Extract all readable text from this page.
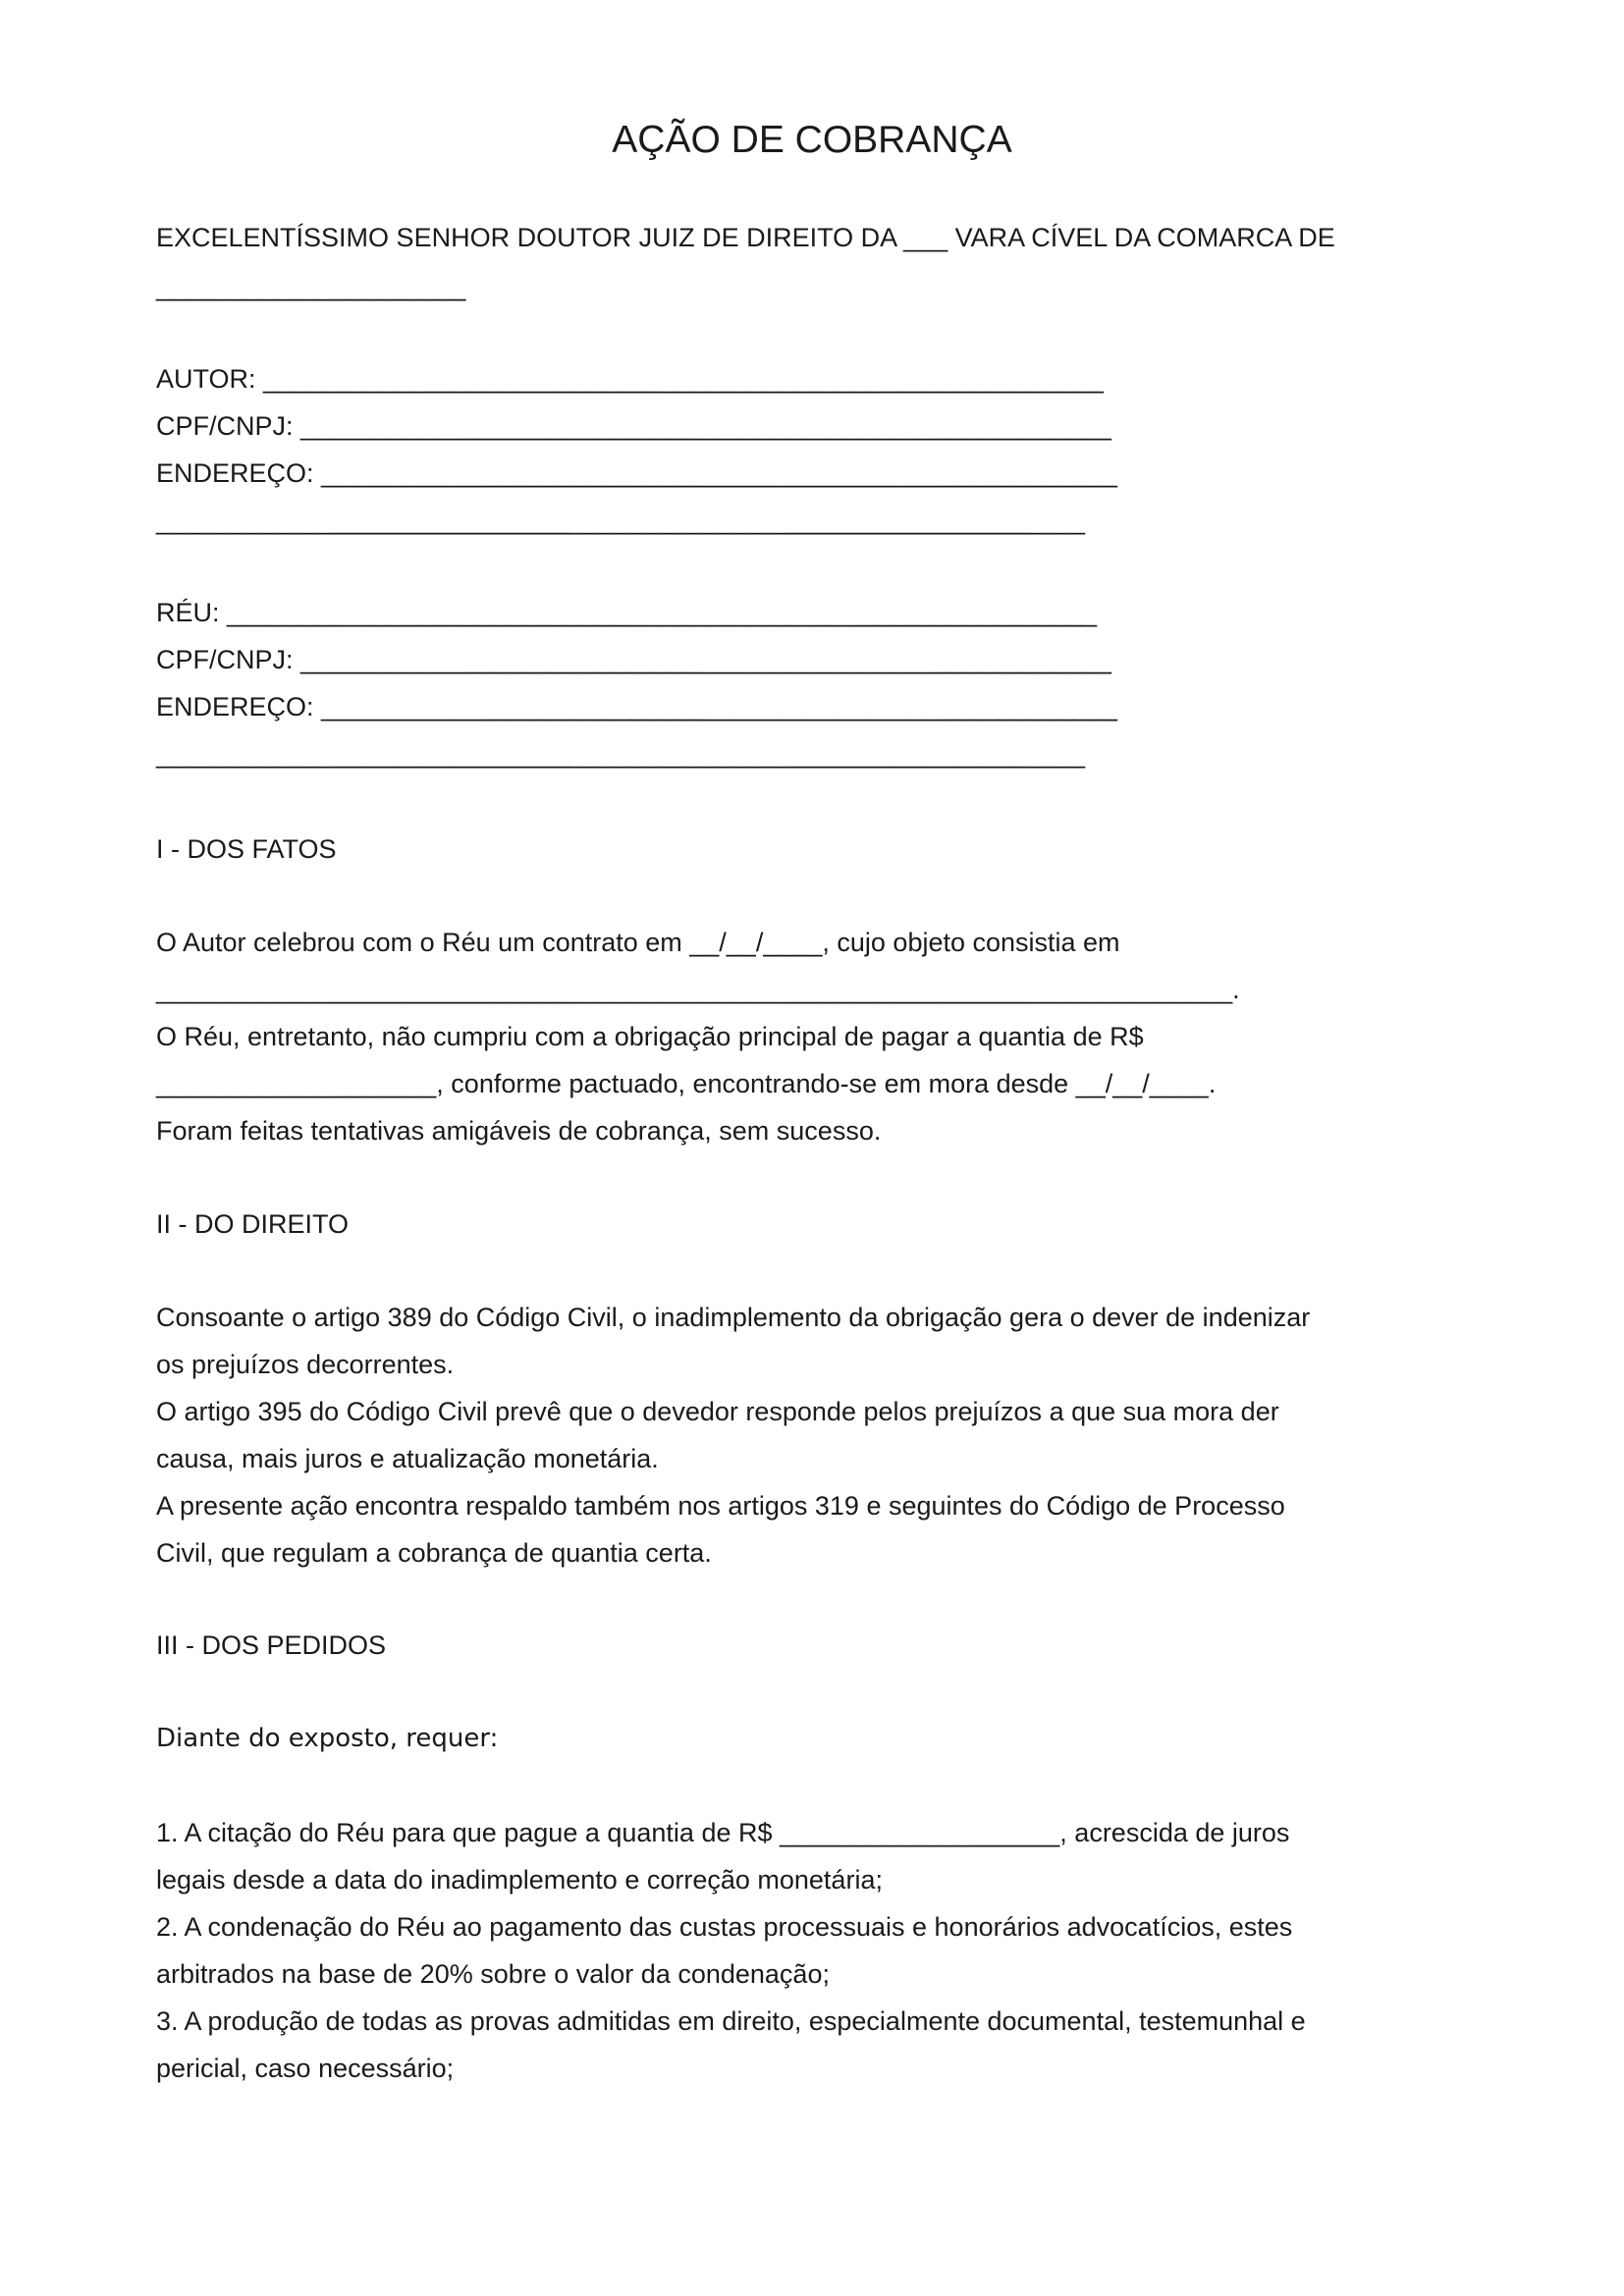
AÇÃO DE COBRANÇA

EXCELENTÍSSIMO SENHOR DOUTOR JUIZ DE DIREITO DA ___ VARA CÍVEL DA COMARCA DE

_____________________

AUTOR: _________________________________________________________

CPF/CNPJ: _______________________________________________________

ENDEREÇO: ______________________________________________________

_______________________________________________________________

RÉU: ___________________________________________________________

CPF/CNPJ: _______________________________________________________

ENDEREÇO: ______________________________________________________

_______________________________________________________________

I - DOS FATOS

O Autor celebrou com o Réu um contrato em __/__/____, cujo objeto consistia em

_________________________________________________________________________.

O Réu, entretanto, não cumpriu com a obrigação principal de pagar a quantia de R$

___________________, conforme pactuado, encontrando-se em mora desde __/__/____.

Foram feitas tentativas amigáveis de cobrança, sem sucesso.

II - DO DIREITO

Consoante o artigo 389 do Código Civil, o inadimplemento da obrigação gera o dever de indenizar

os prejuízos decorrentes.

O artigo 395 do Código Civil prevê que o devedor responde pelos prejuízos a que sua mora der

causa, mais juros e atualização monetária.

A presente ação encontra respaldo também nos artigos 319 e seguintes do Código de Processo

Civil, que regulam a cobrança de quantia certa.

III - DOS PEDIDOS

Diante do exposto, requer:

1. A citação do Réu para que pague a quantia de R$ ___________________, acrescida de juros

legais desde a data do inadimplemento e correção monetária;

2. A condenação do Réu ao pagamento das custas processuais e honorários advocatícios, estes

arbitrados na base de 20% sobre o valor da condenação;

3. A produção de todas as provas admitidas em direito, especialmente documental, testemunhal e

pericial, caso necessário;
